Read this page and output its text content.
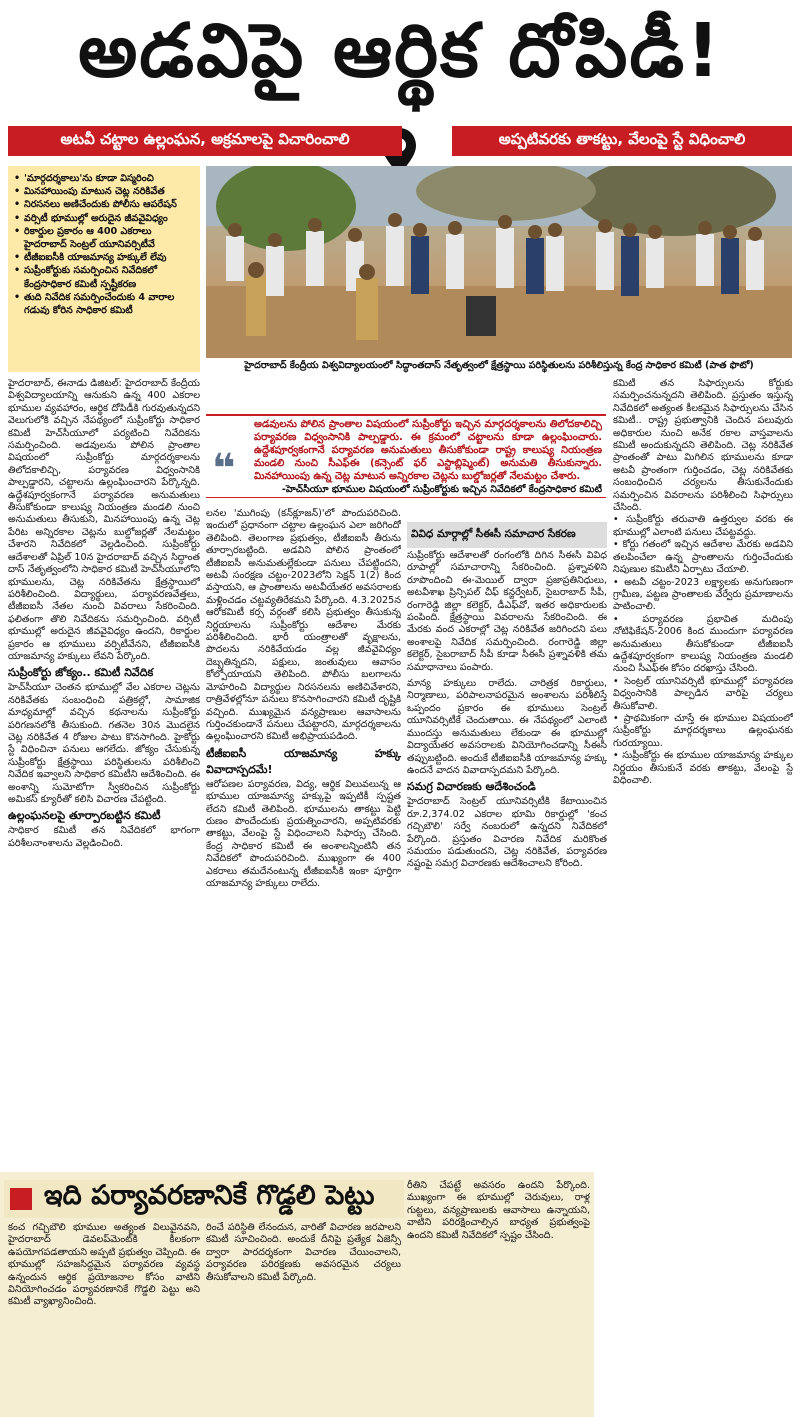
అడవిపై ఆర్థిక దోపిడీ!
అటవీ చట్టాల ఉల్లంఘన, అక్రమాలపై విచారించాలి	అప్పటివరకు తాకట్టు, వేలంపై స్టే విధించాలి
• 'మార్గదర్శకాలు'ను కూడా విస్మరించి
• మినహాయింపు మాటున చెట్ల నరికివేత
• నిరసనలు అణిచేందుకు పోలీసు ఆపరేషన్
• వర్సిటీ భూముల్లో అరుదైన జీవవైవిధ్యం
• రికార్డుల ప్రకారం ఆ 400 ఎకరాలు హైదరాబాద్ సెంట్రల్ యూనివర్సిటీవే
• టీజీఐఐసీకి యాజమాన్య హక్కులే లేవు
• సుప్రీంకోర్టుకు సమర్పించిన నివేదికలో కేంద్రసాధికార కమిటీ స్పష్టీకరణ
• తుది నివేదిక సమర్పించేందుకు 4 వారాల గడువు కోరిన సాధికార కమిటీ
హైదరాబాద్ కేంద్రీయ విశ్వవిద్యాలయంలో సిద్ధాంతదాస్ నేతృత్వంలో క్షేత్రస్థాయి పరిస్థితులను పరిశీలిస్తున్న కేంద్ర సాధికార కమిటీ (పాత ఫొటో)

హైదరాబాద్, ఈనాడు డిజిటల్: హైదరాబాద్ కేంద్రీయ విశ్వవిద్యాలయాన్ని ఆనుకుని ఉన్న 400 ఎకరాల భూముల వ్యవహారం, ఆర్థిక దోపిడీకి గురవుతున్నదని వెలుగులోకి వచ్చిన నేపథ్యంలో సుప్రీంకోర్టు సాధికార కమిటీ హెచ్‌సీయూలో పర్యటించి నివేదికను సమర్పించింది. అడవులను పోలిన ప్రాంతాల విషయంలో సుప్రీంకోర్టు మార్గదర్శకాలను తిలోదకాలిచ్చి, పర్యావరణ విధ్వంసానికి పాల్పడ్డారని, చట్టాలను ఉల్లంఘించారని పేర్కొన్నది. ఉద్దేశపూర్వకంగానే పర్యావరణ అనుమతులు తీసుకోకుండా కాలుష్య నియంత్రణ మండలి నుంచి అనుమతులు తీసుకుని, మినహాయింపు ఉన్న చెట్ల పేరిట అన్నిరకాల చెట్లను బుల్డోజర్లతో నేలమట్టం చేశారని నివేదికలో వెల్లడించింది. సుప్రీంకోర్టు ఆదేశాలతో ఏప్రిల్ 10న హైదరాబాద్ వచ్చిన సిద్ధాంత దాస్ నేతృత్వంలోని సాధికార కమిటీ హెచ్‌సీయూలోని భూములను, చెట్ల నరికివేతను క్షేత్రస్థాయిలో పరిశీలించింది. విద్యార్థులు, పర్యావరణవేత్తలు, టీజీఐఐసీ నేతల నుంచి వివరాలు సేకరించింది. ఫలితంగా తొలి నివేదికను సమర్పించింది. వర్సిటీ భూముల్లో అరుదైన జీవవైవిధ్యం ఉందని, రికార్డుల ప్రకారం ఆ భూములు వర్సిటీవేనని, టీజీఐఐసీకి యాజమాన్య హక్కులు లేవని పేర్కొంది.

సుప్రీంకోర్టు జోక్యం.. కమిటీ నివేదిక

హెచ్‌సీయూ చెంతన భూముల్లో వేల ఎకరాల చెట్లను నరికివేతకు సంబంధించి పత్రికల్లో, సామాజిక మాధ్యమాల్లో వచ్చిన కథనాలను సుప్రీంకోర్టు పరిగణనలోకి తీసుకుంది. గతనెల 30న మొదలైన చెట్ల నరికివేత 4 రోజుల పాటు కొనసాగింది. హైకోర్టు స్టే విధించినా పనులు ఆగలేదు. జోక్యం చేసుకున్న సుప్రీంకోర్టు క్షేత్రస్థాయి పరిస్థితులను పరిశీలించి నివేదిక ఇవ్వాలని సాధికార కమిటీని ఆదేశించింది. ఈ అంశాన్ని సుమోటోగా స్వీకరించిన సుప్రీంకోర్టు అమికస్ క్యూరీతో కలిసి విచారణ చేపట్టింది.

ఉల్లంఘనలపై తూర్పారబట్టిన కమిటీ

సాధికార కమిటీ తన నివేదికలో భాగంగా పరిశీలనాంశాలను వెల్లడించింది.

❝
అడవులను పోలిన ప్రాంతాల విషయంలో సుప్రీంకోర్టు ఇచ్చిన మార్గదర్శకాలను తిలోదకాలిచ్చి పర్యావరణ విధ్వంసానికి పాల్పడ్డారు. ఈ క్రమంలో చట్టాలను కూడా ఉల్లంఘించారు. ఉద్దేశపూర్వకంగానే పర్యావరణ అనుమతులు తీసుకోకుండా రాష్ట్ర కాలుష్య నియంత్రణ మండలి నుంచి సీఎఫ్ఈ (కన్సెంట్ ఫర్ ఎస్టాబ్లిష్మెంట్) అనుమతి తీసుకున్నారు. మినహాయింపు ఉన్న చెట్ల మాటున అన్నిరకాల చెట్లను బుల్డోజర్లతో నేలమట్టం చేశారు.
-హెచ్‌సీయూ భూముల విషయంలో సుప్రీంకోర్టుకు ఇచ్చిన నివేదికలో కేంద్రసాధికార కమిటీ

లనల 'ముగింపు (కన్‌క్లూజన్)'లో పొందుపరిచింది. ఇందులో ప్రధానంగా చట్టాల ఉల్లంఘన ఎలా జరిగిందో తెలిపింది. తెలంగాణ ప్రభుత్వం, టీజీఐఐసీ తీరును తూర్పారబట్టింది. అడవిని పోలిన ప్రాంతంలో టీజీఐఐసీ అనుమతుల్లేకుండా పనులు చేపట్టిందని, అటవీ సంరక్షణ చట్టం-2023లోని సెక్షన్ 1(2) కింద వస్తాయని, ఆ ప్రాంతాలను అటవీయేతర అవసరాలకు మళ్లించడం చట్టవ్యతిరేకమని పేర్కొంది. 4.3.2025న ఆరోకమిటీ కర్స వర్గంతో కలిసి ప్రభుత్వం తీసుకున్న నిర్ణయాలను సుప్రీంకోర్టు ఆదేశాల మేరకు పరిశీలించింది. భారీ యంత్రాలతో వృక్షాలను, పొదలను నరికివేయడం వల్ల జీవవైవిధ్యం దెబ్బతిన్నదని, పక్షులు, జంతువులు ఆవాసం కోల్పోయాయని తెలిపింది. పోలీసు బలగాలను మోహరించి విద్యార్థుల నిరసనలను అణిచివేశారని, రాత్రివేళల్లోనూ పనులు కొనసాగించారని కమిటీ దృష్టికి వచ్చింది. ముఖ్యమైన వన్యప్రాణుల ఆవాసాలను గుర్తించకుండానే పనులు చేపట్టారని, మార్గదర్శకాలను ఉల్లంఘించారని కమిటీ అభిప్రాయపడింది.

టీజీఐఐసీ యాజమాన్య హక్కు వివాదాస్పదమే!

ఆరోపణల పర్యావరణ, విద్య, ఆర్థిక విలువలున్న ఆ భూముల యాజమాన్య హక్కుపై ఇప్పటికీ స్పష్టత లేదని కమిటీ తెలిపింది. భూములను తాకట్టు పెట్టి రుణం పొందేందుకు ప్రయత్నించారని, అప్పటివరకు తాకట్టు, వేలంపై స్టే విధించాలని సిఫార్సు చేసింది. కేంద్ర సాధికార కమిటీ ఈ అంశాలన్నింటినీ తన నివేదికలో పొందుపరిచింది. ముఖ్యంగా ఈ 400 ఎకరాలు తమదేనంటున్న టీజీఐఐసీకి ఇంకా పూర్తిగా యాజమాన్య హక్కులు రాలేదు.

వివిధ మార్గాల్లో సీఈసీ సమాచార సేకరణ

సుప్రీంకోర్టు ఆదేశాలతో రంగంలోకి దిగిన సీఈసీ వివిధ రూపాల్లో సమాచారాన్ని సేకరించింది. ప్రశ్నావళిని రూపొందించి ఈ-మెయిల్ ద్వారా ప్రజాప్రతినిధులు, అటవీశాఖ ప్రిన్సిపల్ చీఫ్ కన్జర్వేటర్, సైబరాబాద్ సీపీ, రంగారెడ్డి జిల్లా కలెక్టర్, డీఎఫ్‌వో, ఇతర అధికారులకు పంపింది. క్షేత్రస్థాయి వివరాలను సేకరించింది. ఈ మేరకు వంద ఎకరాల్లో చెట్ల నరికివేత జరిగిందని పలు అంశాలపై నివేదిక సమర్పించింది. రంగారెడ్డి జిల్లా కలెక్టర్, సైబరాబాద్ సీపీ కూడా సీఈసీ ప్రశ్నావళికి తమ సమాధానాలు పంపారు.

మాన్య హక్కులు రాలేదు. చారిత్రక రికార్డులు, నిర్మాణాలు, పరిపాలనాపరమైన అంశాలను పరిశీలిస్తే ఒప్పందం ప్రకారం ఈ భూములు సెంట్రల్ యూనివర్సిటీకే చెందుతాయి. ఈ నేపథ్యంలో ఎలాంటి ముందస్తు అనుమతులు లేకుండా ఈ భూముల్లో విద్యాయేతర అవసరాలకు వినియోగించడాన్ని సీఈసీ తప్పుబట్టింది. అందుకే టీజీఐఐసీకి యాజమాన్య హక్కు ఉందనే వాదన వివాదాస్పదమని పేర్కొంది.

సమగ్ర విచారణకు ఆదేశించండి

హైదరాబాద్ సెంట్రల్ యూనివర్సిటీకి కేటాయించిన రూ.2,374.02 ఎకరాల భూమి రికార్డుల్లో 'కంచ గచ్చిబౌలి' సర్వే నంబరులో ఉన్నదని నివేదికలో పేర్కొంది. ప్రస్తుతం విచారణ నివేదిక మరికొంత సమయం పడుతుందని, చెట్ల నరికివేత, పర్యావరణ నష్టంపై సమగ్ర విచారణకు ఆదేశించాలని కోరింది.

కమిటీ తన సిఫార్సులను కోర్టుకు సమర్పించనున్నదని తెలిపింది. ప్రస్తుతం ఇస్తున్న నివేదికలో అత్యంత కీలకమైన సిఫార్సులను చేసిన కమిటీ.. రాష్ట్ర ప్రభుత్వానికి చెందిన పలువురు అధికారుల నుంచి అనేక రకాల వాస్తవాలను కమిటీ అందుకున్నదని తెలిపింది. చెట్ల నరికివేత ప్రాంతంతో పాటు మిగిలిన భూములను కూడా అటవీ ప్రాంతంగా గుర్తించడం, చెట్ల నరికివేతకు సంబంధించిన చర్యలను తీసుకునేందుకు సమర్పించిన వివరాలను పరిశీలించి సిఫార్సులు చేసింది.

• సుప్రీంకోర్టు తరువాతి ఉత్తర్వుల వరకు ఈ భూముల్లో ఎలాంటి పనులు చేపట్టవద్దు.

• కోర్టు గతంలో ఇచ్చిన ఆదేశాల మేరకు అడవిని తలపించేలా ఉన్న ప్రాంతాలను గుర్తించేందుకు నిపుణుల కమిటీని ఏర్పాటు చేయాలి.

• అటవీ చట్టం-2023 లక్ష్యాలకు అనుగుణంగా గ్రామీణ, పట్టణ ప్రాంతాలకు వేర్వేరు ప్రమాణాలను పాటించాలి.

• పర్యావరణ ప్రభావిత మదింపు నోటిఫికేషన్-2006 కింద ముందుగా పర్యావరణ అనుమతులు తీసుకోకుండా టీజీఐఐసీ ఉద్దేశపూర్వకంగా కాలుష్య నియంత్రణ మండలి నుంచి సీఎఫ్ఈ కోసం దరఖాస్తు చేసింది.

• సెంట్రల్ యూనివర్సిటీ భూముల్లో పర్యావరణ విధ్వంసానికి పాల్పడిన వారిపై చర్యలు తీసుకోవాలి.

• ప్రాథమికంగా చూస్తే ఈ భూముల విషయంలో సుప్రీంకోర్టు మార్గదర్శకాలు ఉల్లంఘనకు గురయ్యాయి.

• సుప్రీంకోర్టు ఈ భూముల యాజమాన్య హక్కుల నిర్ణయం తీసుకునే వరకు తాకట్టు, వేలంపై స్టే విధించాలి.

ఇది పర్యావరణానికే గొడ్డలి పెట్టు

కంచ గచ్చిబౌలి భూముల అత్యంత విలువైనవని, హైదరాబాద్ డెవలప్‌మెంట్‌కి కీలకంగా ఉపయోగపడతాయని అప్పటి ప్రభుత్వం చెప్పింది. ఈ భూముల్లో సహజసిద్ధమైన పర్యావరణ వ్యవస్థ ఉన్నందున ఆర్థిక ప్రయోజనాల కోసం వాటిని వినియోగించడం పర్యావరణానికే గొడ్డలి పెట్టు అని కమిటీ వ్యాఖ్యానించింది.

రించే పరిస్థితి లేనందున, వారితో విచారణ జరపాలని కమిటీ సూచించింది. అందుకే దీనిపై ప్రత్యేక ఏజెన్సీ ద్వారా పారదర్శకంగా విచారణ చేయించాలని, పర్యావరణ పరిరక్షణకు అవసరమైన చర్యలు తీసుకోవాలని కమిటీ పేర్కొంది.

రీతిని చేపట్టే అవసరం ఉందని పేర్కొంది. ముఖ్యంగా ఈ భూముల్లో చెరువులు, రాళ్ల గుట్టలు, వన్యప్రాణులకు ఆవాసాలు ఉన్నాయని, వాటిని పరిరక్షించాల్సిన బాధ్యత ప్రభుత్వంపై ఉందని కమిటీ నివేదికలో స్పష్టం చేసింది.
